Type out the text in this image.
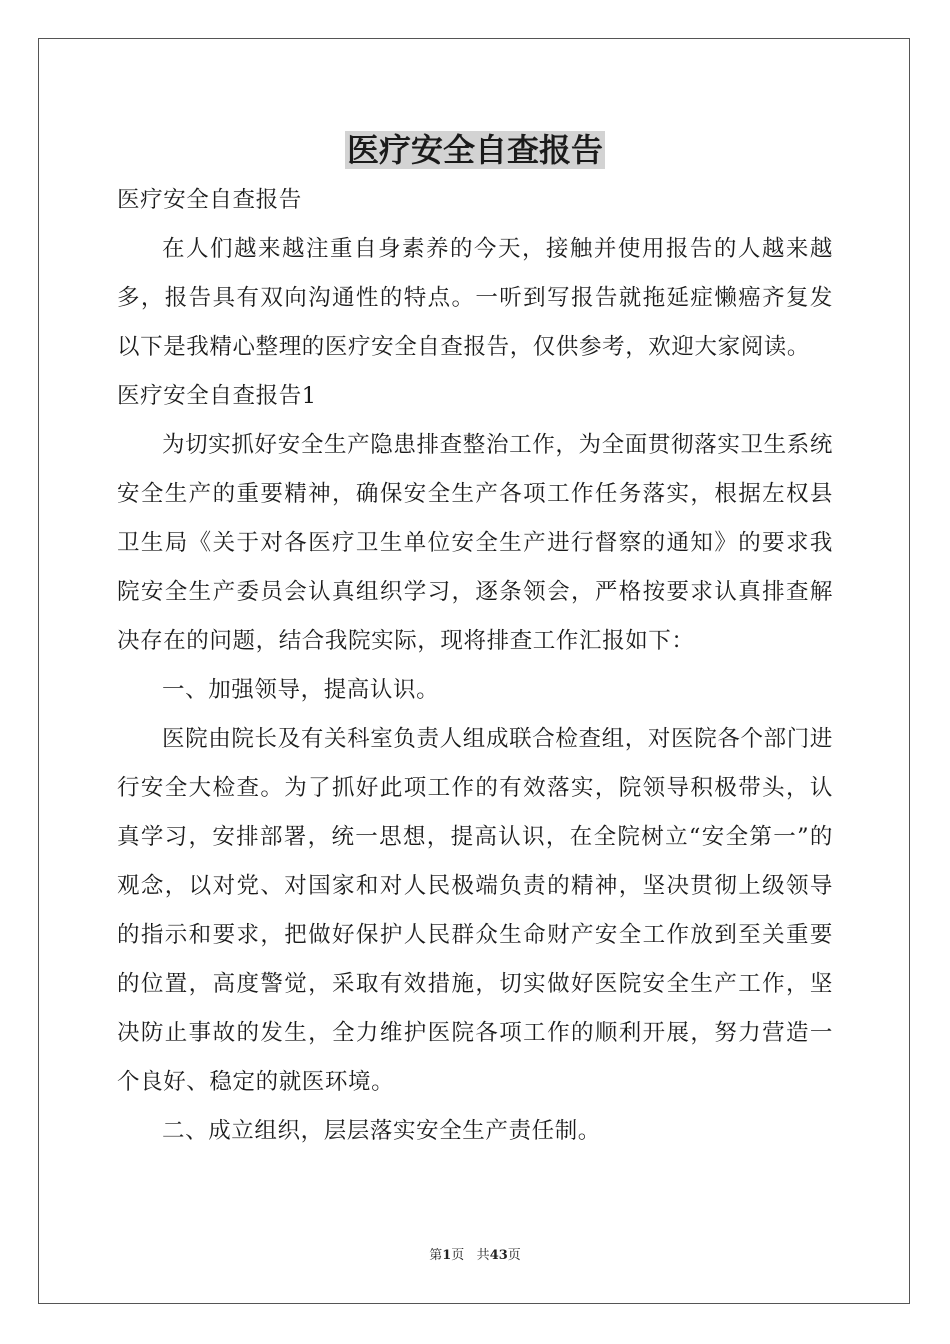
医疗安全自查报告

医疗安全自查报告

在人们越来越注重自身素养的今天，接触并使用报告的人越来越多，报告具有双向沟通性的特点。一听到写报告就拖延症懒癌齐复发以下是我精心整理的医疗安全自查报告，仅供参考，欢迎大家阅读。

医疗安全自查报告1

为切实抓好安全生产隐患排查整治工作，为全面贯彻落实卫生系统安全生产的重要精神，确保安全生产各项工作任务落实，根据左权县卫生局《关于对各医疗卫生单位安全生产进行督察的通知》的要求我院安全生产委员会认真组织学习，逐条领会，严格按要求认真排查解决存在的问题，结合我院实际，现将排查工作汇报如下：

一、加强领导，提高认识。

医院由院长及有关科室负责人组成联合检查组，对医院各个部门进行安全大检查。为了抓好此项工作的有效落实，院领导积极带头，认真学习，安排部署，统一思想，提高认识，在全院树立“安全第一”的观念，以对党、对国家和对人民极端负责的精神，坚决贯彻上级领导的指示和要求，把做好保护人民群众生命财产安全工作放到至关重要的位置，高度警觉，采取有效措施，切实做好医院安全生产工作，坚决防止事故的发生，全力维护医院各项工作的顺利开展，努力营造一个良好、稳定的就医环境。

二、成立组织，层层落实安全生产责任制。

第1页 共43页
